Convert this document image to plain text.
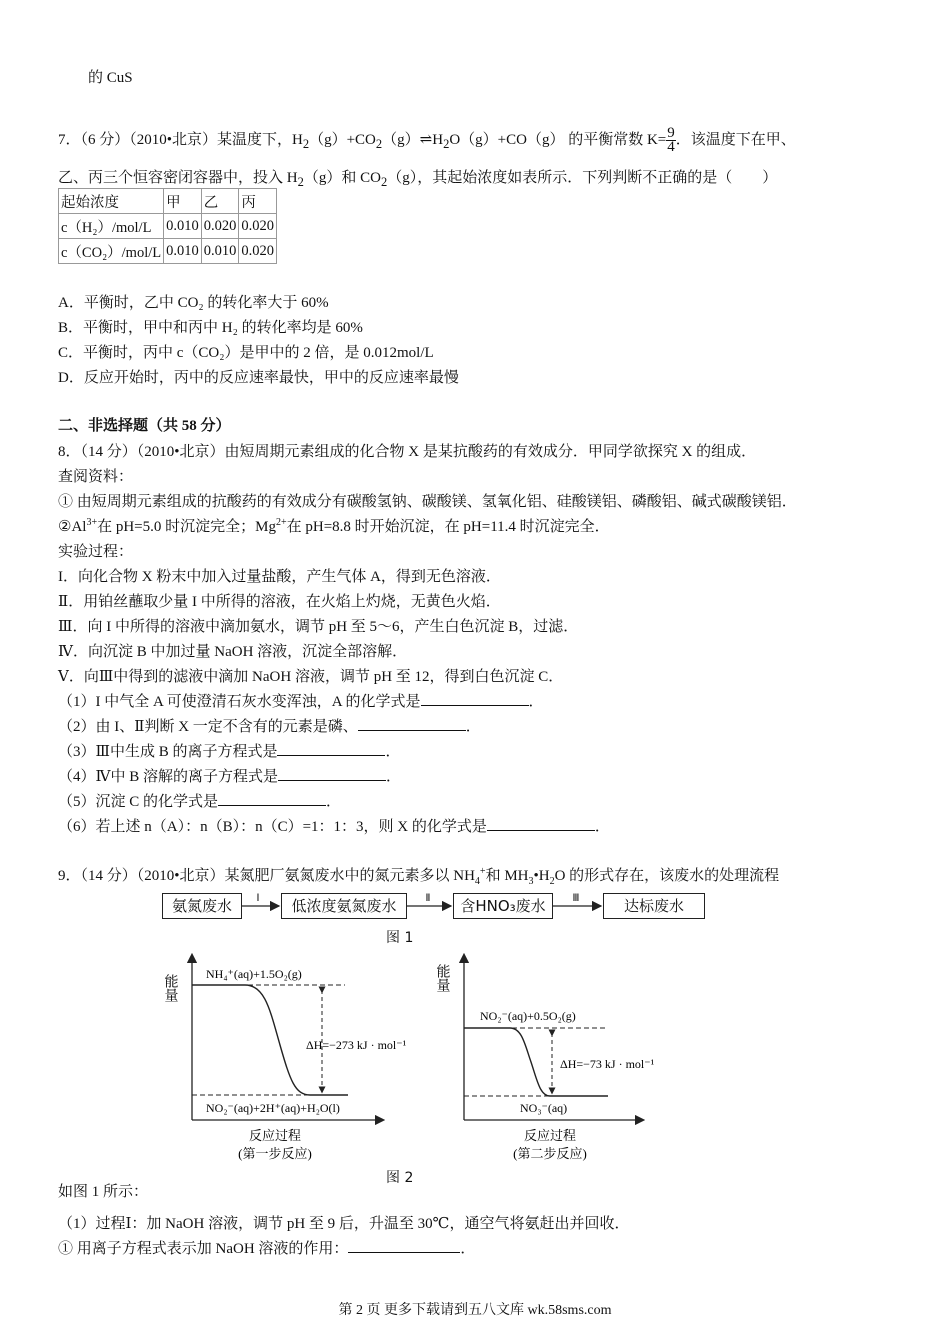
的 CuS
7．（6 分）（2010•北京）某温度下，$H_2(g)+CO_2(g)\rightleftharpoons H_2O(g)+CO(g)$ 的平衡常数 $K= \frac{9}{4}$ ．该温度下在甲、
乙、丙三个恒容密闭容器中，投入 $H_2(g)$和 $CO_2(g)$，其起始浓度如表所示．下列判断不正确的是（　　）
起始浓度	甲	乙	丙
c（H₂）/mol/L	0.010	0.020	0.020
c（CO₂）/mol/L	0.010	0.010	0.020
A．平衡时，乙中 CO₂ 的转化率大于 60%
B．平衡时，甲中和丙中 H₂ 的转化率均是 60%
C．平衡时，丙中 c（CO₂）是甲中的 2 倍，是 0.012mol/L
D．反应开始时，丙中的反应速率最快，甲中的反应速率最慢
二、非选择题（共 58 分）
8．（14 分）（2010•北京）由短周期元素组成的化合物 X 是某抗酸药的有效成分．甲同学欲探究 X 的组成．
查阅资料：
① 由短周期元素组成的抗酸药的有效成分有碳酸氢钠、碳酸镁、氢氧化铝、硅酸镁铝、磷酸铝、碱式碳酸镁铝．
$②Al^{3+}$在 pH=5.0 时沉淀完全；$Mg^{2+}$在 pH=8.8 时开始沉淀，在 pH=11.4 时沉淀完全．
实验过程：
I．向化合物 X 粉末中加入过量盐酸，产生气体 A，得到无色溶液．
Ⅱ．用铂丝蘸取少量 I 中所得的溶液，在火焰上灼烧，无黄色火焰．
Ⅲ．向 I 中所得的溶液中滴加氨水，调节 pH 至 5～6，产生白色沉淀 B，过滤．
Ⅳ．向沉淀 B 中加过量 NaOH 溶液，沉淀全部溶解．
Ⅴ．向Ⅲ中得到的滤液中滴加 NaOH 溶液，调节 pH 至 12，得到白色沉淀 C．
（1）I 中气全 A 可使澄清石灰水变浑浊，A 的化学式是	．
（2）由 I、Ⅱ判断 X 一定不含有的元素是磷、	．
（3）Ⅲ中生成 B 的离子方程式是	．
（4）Ⅳ中 B 溶解的离子方程式是	．
（5）沉淀 C 的化学式是	．
（6）若上述 n（A）：n（B）：n（C）=1：1：3，则 X 的化学式是	．
9．（14 分）（2010•北京）某氮肥厂氨氮废水中的氮元素多以 $NH_4^+$和 $MH_3•H_2O$ 的形式存在，该废水的处理流程
氨氮废水	低浓度氨氮废水	含HNO₃废水	达标废水
Ⅰ	Ⅱ	Ⅲ
图 1
能量 NH₄⁺(aq)+1.5O₂(g)
NO₂⁻(aq)+2H⁺(aq)+H₂O(l)
ΔH=−273 kJ · mol⁻¹
反应过程
(第一步反应)
能量
NO₂⁻(aq)+0.5O₂(g)
NO₃⁻(aq)
ΔH=−73 kJ · mol⁻¹
反应过程
(第二步反应)
图 2
如图 1 所示：
（1）过程Ⅰ：加 NaOH 溶液，调节 pH 至 9 后，升温至 30℃，通空气将氨赶出并回收．
① 用离子方程式表示加 NaOH 溶液的作用：	．
第 2 页 更多下载请到五八文库 wk.58sms.com
